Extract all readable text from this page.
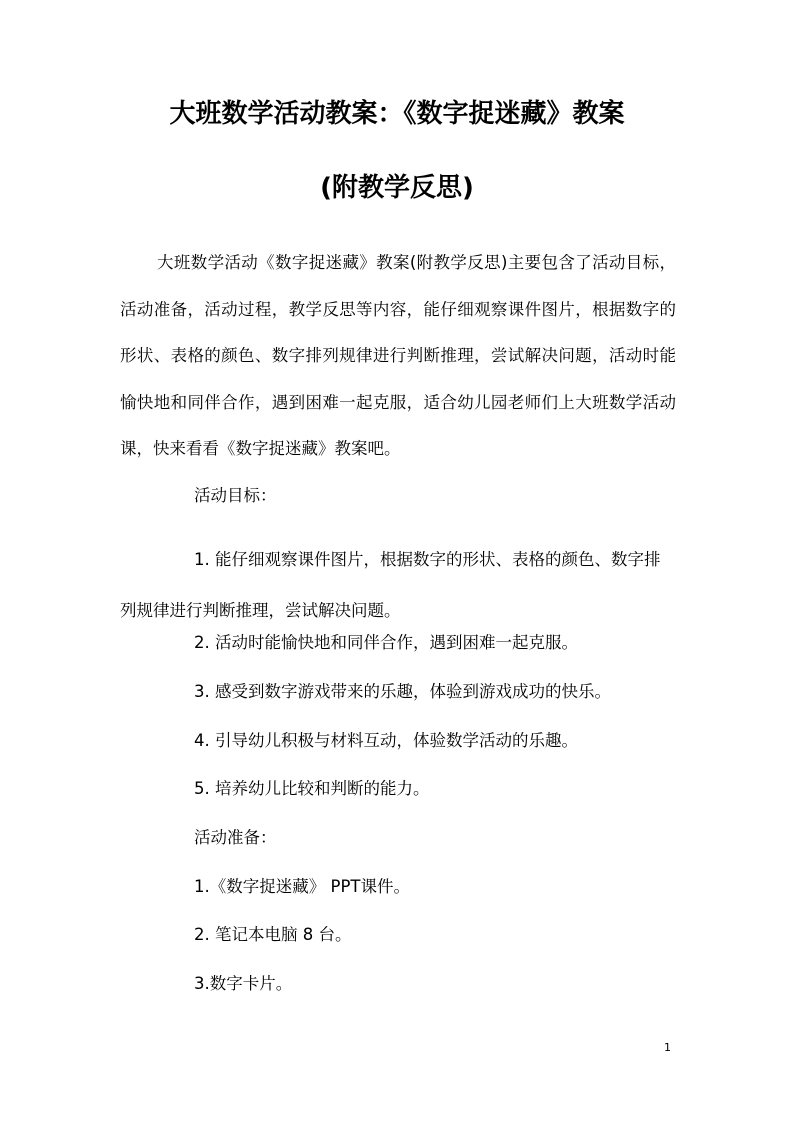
大班数学活动教案：《数字捉迷藏》教案
(附教学反思)

大班数学活动《数字捉迷藏》教案(附教学反思)主要包含了活动目标，活动准备，活动过程，教学反思等内容，能仔细观察课件图片，根据数字的形状、表格的颜色、数字排列规律进行判断推理，尝试解决问题，活动时能愉快地和同伴合作，遇到困难一起克服，适合幼儿园老师们上大班数学活动课，快来看看《数字捉迷藏》教案吧。

活动目标：

1. 能仔细观察课件图片，根据数字的形状、表格的颜色、数字排列规律进行判断推理，尝试解决问题。

2. 活动时能愉快地和同伴合作，遇到困难一起克服。
3. 感受到数字游戏带来的乐趣，体验到游戏成功的快乐。
4. 引导幼儿积极与材料互动，体验数学活动的乐趣。
5. 培养幼儿比较和判断的能力。
活动准备：
1.《数字捉迷藏》 PPT课件。
2. 笔记本电脑 8 台。
3.数字卡片。
1
